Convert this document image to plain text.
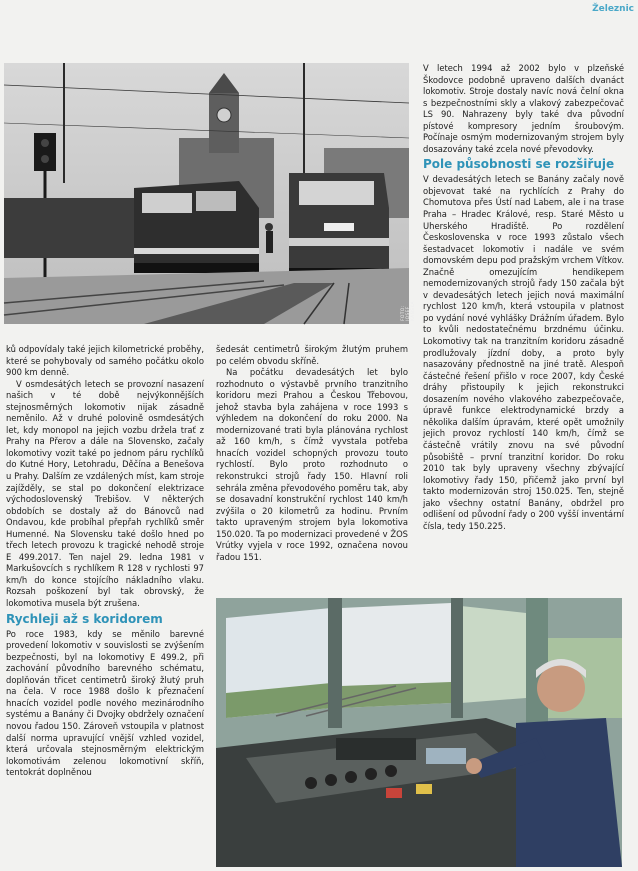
Železnic
FOTO: JOSEF KAŇŠKA

ků odpovídaly také jejich kilometrické proběhy, které se pohybovaly od samého počátku okolo 900 km denně.

V osmdesátých letech se provozní nasazení našich v té době nejvýkonnějších stejnosměrných lokomotiv nijak zásadně neměnilo. Až v druhé polovině osmdesátých let, kdy monopol na jejich vozbu držela trať z Prahy na Přerov a dále na Slovensko, začaly lokomotivy vozit také po jednom páru rychlíků do Kutné Hory, Letohradu, Děčína a Benešova u Prahy. Dalším ze vzdálených míst, kam stroje zajížděly, se stal po dokončení elektrizace východoslovenský Trebišov. V některých obdobích se dostaly až do Bánovců nad Ondavou, kde probíhal přepřah rychlíků směr Humenné. Na Slovensku také došlo hned po třech letech provozu k tragické nehodě stroje E 499.2017. Ten najel 29. ledna 1981 v Markušovcích s rychlíkem R 128 v rychlosti 97 km/h do konce stojícího nákladního vlaku. Rozsah poškození byl tak obrovský, že lokomotiva musela být zrušena.

Rychleji až s koridorem

Po roce 1983, kdy se měnilo barevné provedení lokomotiv v souvislosti se zvýšením bezpečnosti, byl na lokomotivy E 499.2, při zachování původního barevného schématu, doplňován třicet centimetrů široký žlutý pruh na čela. V roce 1988 došlo k přeznačení hnacích vozidel podle nového mezinárodního systému a Banány či Dvojky obdržely označení novou řadou 150. Zároveň vstoupila v platnost další norma upravující vnější vzhled vozidel, která určovala stejnosměrným elektrickým lokomotivám zelenou lokomotivní skříň, tentokrát doplněnou

šedesát centimetrů širokým žlutým pruhem po celém obvodu skříně.

Na počátku devadesátých let bylo rozhodnuto o výstavbě prvního tranzitního koridoru mezi Prahou a Českou Třebovou, jehož stavba byla zahájena v roce 1993 s výhledem na dokončení do roku 2000. Na modernizované trati byla plánována rychlost až 160 km/h, s čímž vyvstala potřeba hnacích vozidel schopných provozu touto rychlostí. Bylo proto rozhodnuto o rekonstrukci strojů řady 150. Hlavní roli sehrála změna převodového poměru tak, aby se dosavadní konstrukční rychlost 140 km/h zvýšila o 20 kilometrů za hodinu. Prvním takto upraveným strojem byla lokomotiva 150.020. Ta po modernizaci provedené v ŽOS Vrútky vyjela v roce 1992, označena novou řadou 151.

V letech 1994 až 2002 bylo v plzeňské Škodovce podobně upraveno dalších dvanáct lokomotiv. Stroje dostaly navíc nová čelní okna s bezpečnostními skly a vlakový zabezpečovač LS 90. Nahrazeny byly také dva původní pístové kompresory jedním šroubovým. Počínaje osmým modernizovaným strojem byly dosazovány také zcela nové převodovky.

Pole působnosti se rozšiřuje

V devadesátých letech se Banány začaly nově objevovat také na rychlících z Prahy do Chomutova přes Ústí nad Labem, ale i na trase Praha – Hradec Králové, resp. Staré Město u Uherského Hradiště. Po rozdělení Československa v roce 1993 zůstalo všech šestadvacet lokomotiv i nadále ve svém domovském depu pod pražským vrchem Vítkov. Značně omezujícím hendikepem nemodernizovaných strojů řady 150 začala být v devadesátých letech jejich nová maximální rychlost 120 km/h, která vstoupila v platnost po vydání nové vyhlášky Drážním úřadem. Bylo to kvůli nedostatečnému brzdnému účinku. Lokomotivy tak na tranzitním koridoru zásadně prodlužovaly jízdní doby, a proto byly nasazovány přednostně na jiné tratě. Alespoň částečné řešení přišlo v roce 2007, kdy České dráhy přistoupily k jejich rekonstrukci dosazením nového vlakového zabezpečovače, úpravě funkce elektrodynamické brzdy a několika dalším úpravám, které opět umožnily jejich provoz rychlostí 140 km/h, čímž se částečně vrátily znovu na své původní působiště – první tranzitní koridor. Do roku 2010 tak byly upraveny všechny zbývající lokomotivy řady 150, přičemž jako první byl takto modernizován stroj 150.025. Ten, stejně jako všechny ostatní Banány, obdržel pro odlišení od původní řady o 200 vyšší inventární čísla, tedy 150.225.
